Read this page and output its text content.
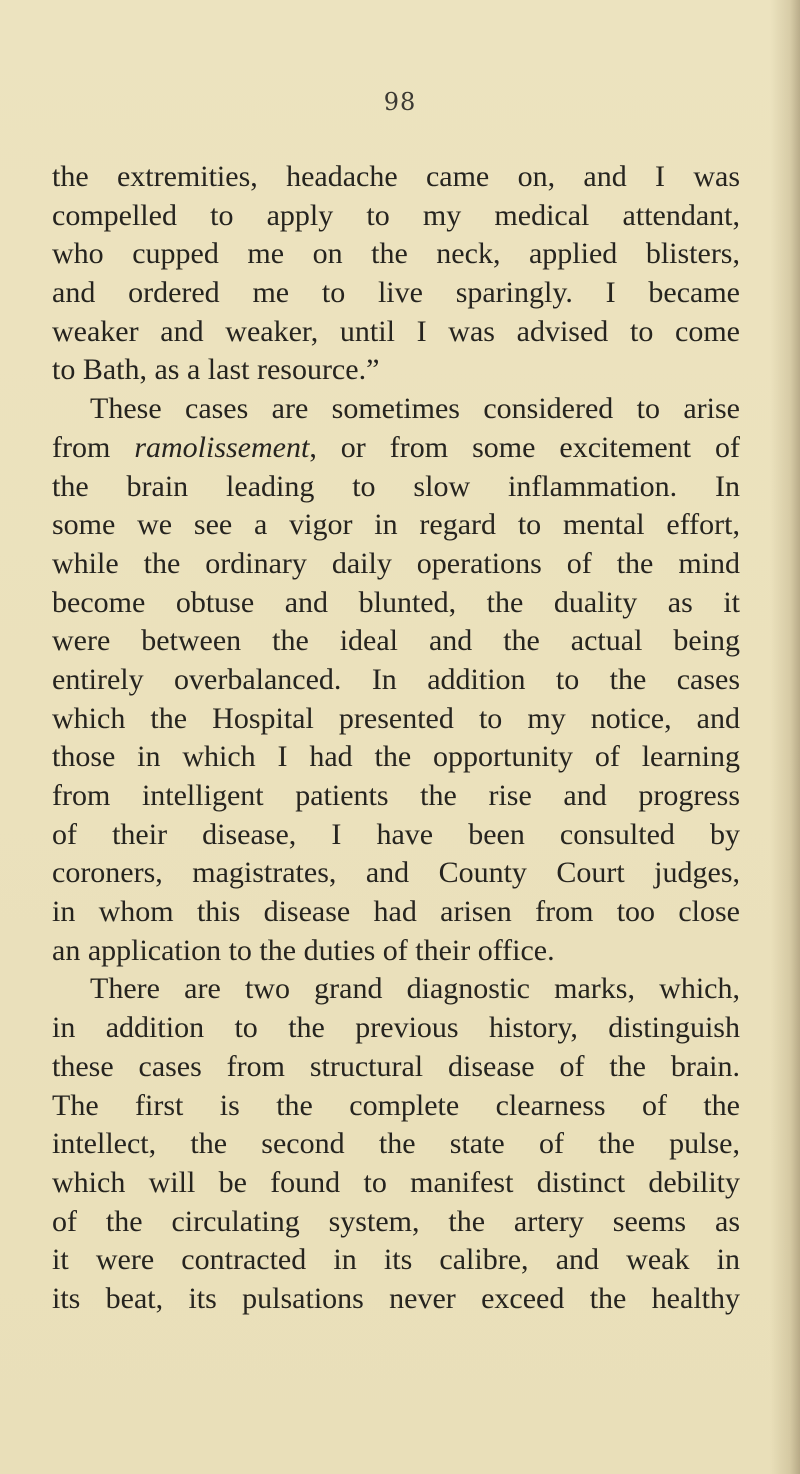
98
the extremities, headache came on, and I was
compelled to apply to my medical attendant,
who cupped me on the neck, applied blisters,
and ordered me to live sparingly. I became
weaker and weaker, until I was advised to come
to Bath, as a last resource.”
These cases are sometimes considered to arise
from ramolissement, or from some excitement of
the brain leading to slow inflammation. In
some we see a vigor in regard to mental effort,
while the ordinary daily operations of the mind
become obtuse and blunted, the duality as it
were between the ideal and the actual being
entirely overbalanced. In addition to the cases
which the Hospital presented to my notice, and
those in which I had the opportunity of learning
from intelligent patients the rise and progress
of their disease, I have been consulted by
coroners, magistrates, and County Court judges,
in whom this disease had arisen from too close
an application to the duties of their office.
There are two grand diagnostic marks, which,
in addition to the previous history, distinguish
these cases from structural disease of the brain.
The first is the complete clearness of the
intellect, the second the state of the pulse,
which will be found to manifest distinct debility
of the circulating system, the artery seems as
it were contracted in its calibre, and weak in
its beat, its pulsations never exceed the healthy
